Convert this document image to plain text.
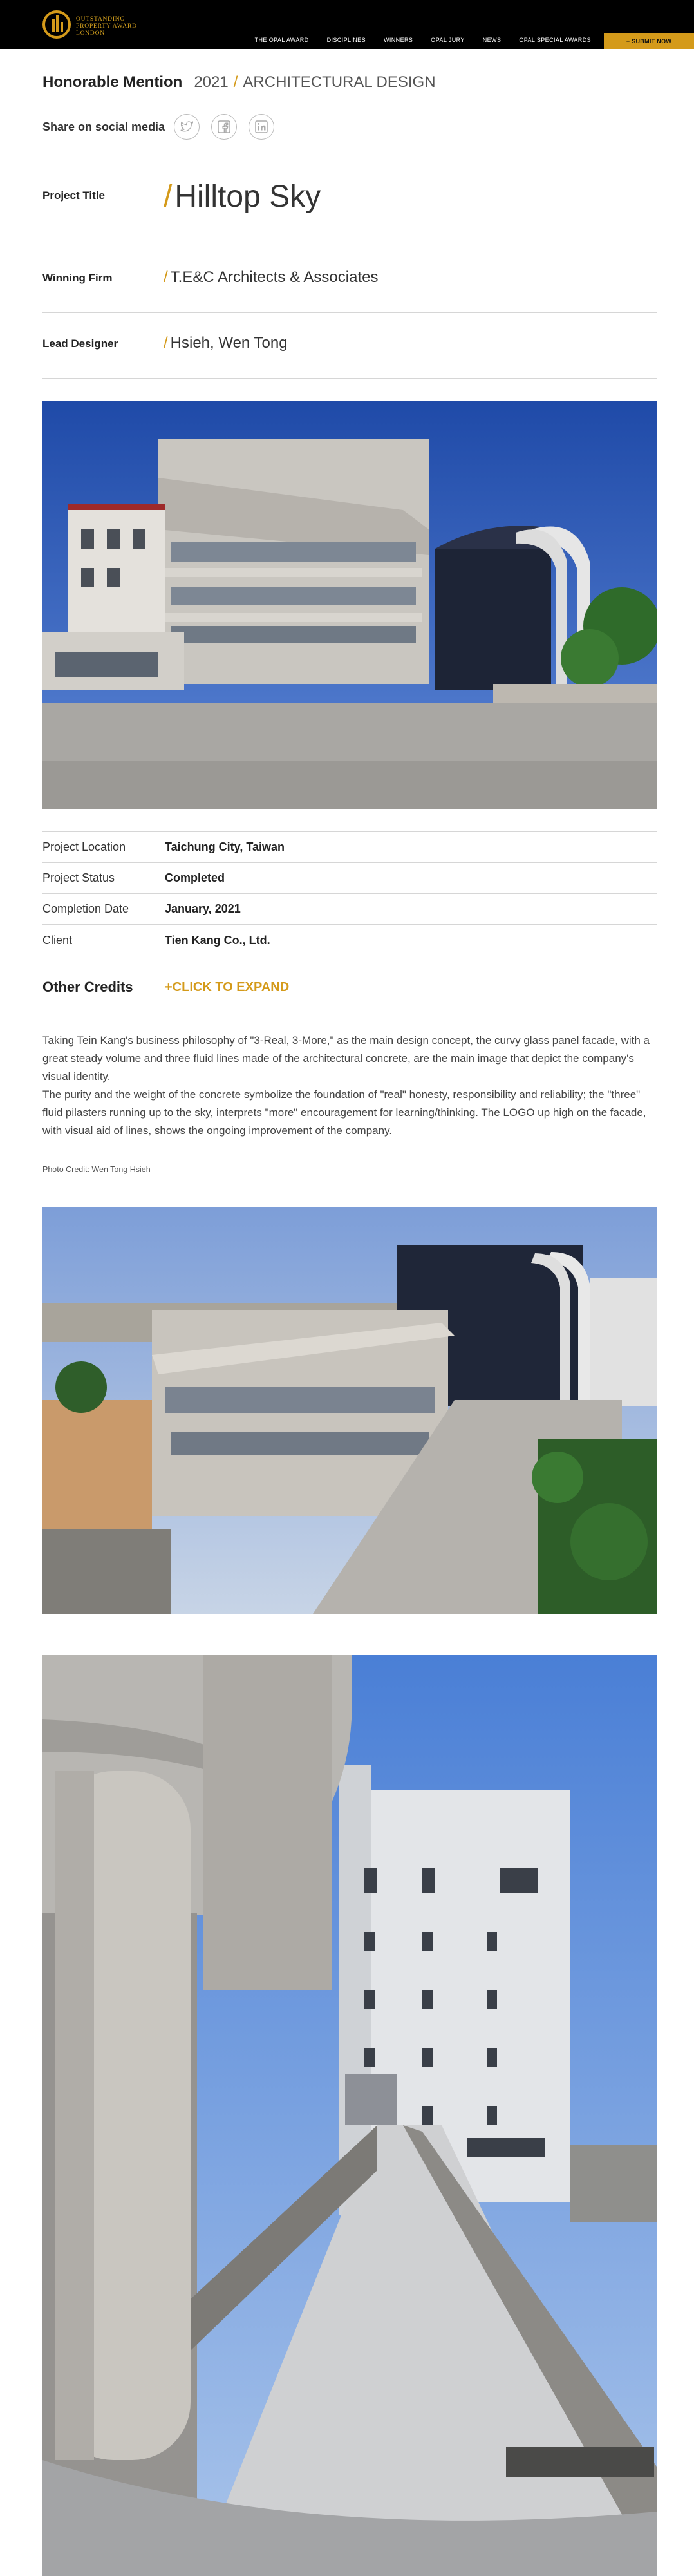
OUTSTANDING
PROPERTY AWARD
LONDON
THE OPAL AWARD	DISCIPLINES	WINNERS	OPAL JURY	NEWS	OPAL SPECIAL AWARDS	+ SUBMIT NOW
Honorable Mention 2021 / ARCHITECTURAL DESIGN
Share on social media
Project Title /Hilltop Sky
Winning Firm	/ T.E&C Architects & Associates
Lead Designer	/ Hsieh, Wen Tong
Project Location	Taichung City, Taiwan
Project Status	Completed
Completion Date	January, 2021
Client	Tien Kang Co., Ltd.
Other Credits	+CLICK TO EXPAND

Taking Tein Kang's business philosophy of "3-Real, 3-More," as the main design concept, the curvy glass panel facade, with a great steady volume and three fluid lines made of the architectural concrete, are the main image that depict the company's visual identity.

The purity and the weight of the concrete symbolize the foundation of "real" honesty, responsibility and reliability; the "three" fluid pilasters running up to the sky, interprets "more" encouragement for learning/thinking. The LOGO up high on the facade, with visual aid of lines, shows the ongoing improvement of the company.

Photo Credit: Wen Tong Hsieh
